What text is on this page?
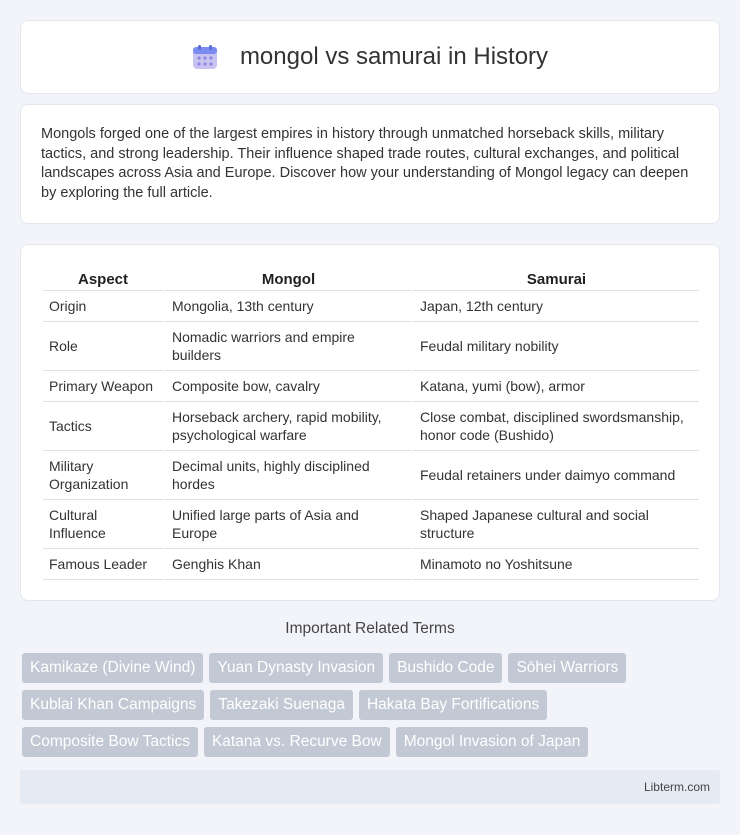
mongol vs samurai in History

Mongols forged one of the largest empires in history through unmatched horseback skills, military tactics, and strong leadership. Their influence shaped trade routes, cultural exchanges, and political landscapes across Asia and Europe. Discover how your understanding of Mongol legacy can deepen by exploring the full article.

Aspect	Mongol	Samurai
Origin	Mongolia, 13th century	Japan, 12th century
Role	Nomadic warriors and empire builders	Feudal military nobility
Primary Weapon	Composite bow, cavalry	Katana, yumi (bow), armor
Tactics	Horseback archery, rapid mobility, psychological warfare	Close combat, disciplined swordsmanship, honor code (Bushido)
Military Organization	Decimal units, highly disciplined hordes	Feudal retainers under daimyo command
Cultural Influence	Unified large parts of Asia and Europe	Shaped Japanese cultural and social structure
Famous Leader	Genghis Khan	Minamoto no Yoshitsune
Important Related Terms
Kamikaze (Divine Wind)	Yuan Dynasty Invasion	Bushido Code	Sōhei Warriors
Kublai Khan Campaigns	Takezaki Suenaga	Hakata Bay Fortifications
Composite Bow Tactics	Katana vs. Recurve Bow	Mongol Invasion of Japan
Libterm.com
